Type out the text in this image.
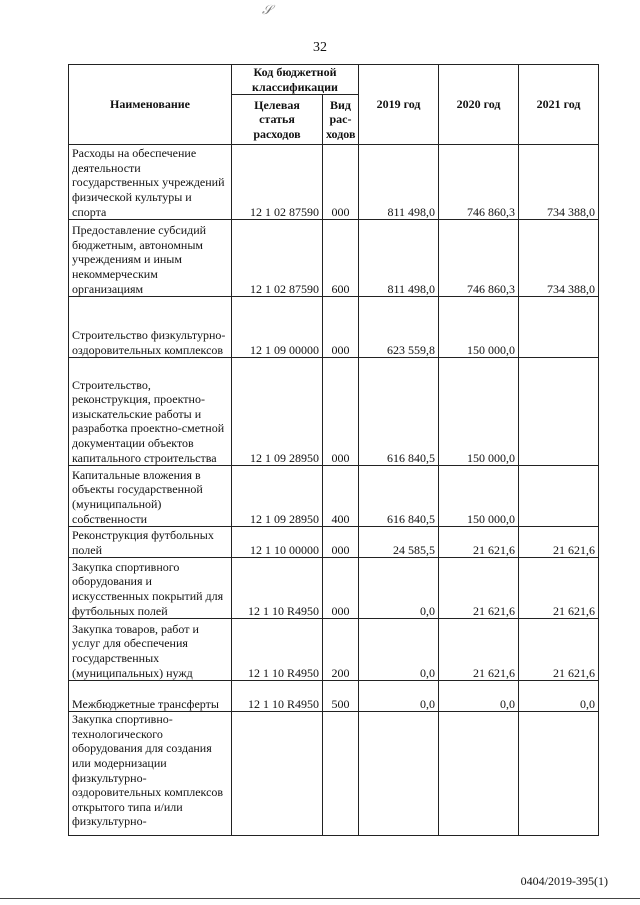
𝒮
32
Наименование	Код бюджетной классификации		2019 год	2020 год	2021 год
	Целевая статья расходов	Вид рас-ходов			
Расходы на обеспечение деятельности государственных учреждений физической культуры и спорта	12 1 02 87590	000	811 498,0	746 860,3	734 388,0
Предоставление субсидий бюджетным, автономным учреждениям и иным некоммерческим организациям	12 1 02 87590	600	811 498,0	746 860,3	734 388,0
Строительство физкультурно-оздоровительных комплексов	12 1 09 00000	000	623 559,8	150 000,0	
Строительство, реконструкция, проектно-изыскательские работы и разработка проектно-сметной документации объектов капитального строительства	12 1 09 28950	000	616 840,5	150 000,0	
Капитальные вложения в объекты государственной (муниципальной) собственности	12 1 09 28950	400	616 840,5	150 000,0	
Реконструкция футбольных полей	12 1 10 00000	000	24 585,5	21 621,6	21 621,6
Закупка спортивного оборудования и искусственных покрытий для футбольных полей	12 1 10 R4950	000	0,0	21 621,6	21 621,6
Закупка товаров, работ и услуг для обеспечения государственных (муниципальных) нужд	12 1 10 R4950	200	0,0	21 621,6	21 621,6
Межбюджетные трансферты	12 1 10 R4950	500	0,0	0,0	0,0
Закупка спортивно-технологического оборудования для создания или модернизации физкультурно-оздоровительных комплексов открытого типа и/или физкультурно-					
0404/2019-395(1)
